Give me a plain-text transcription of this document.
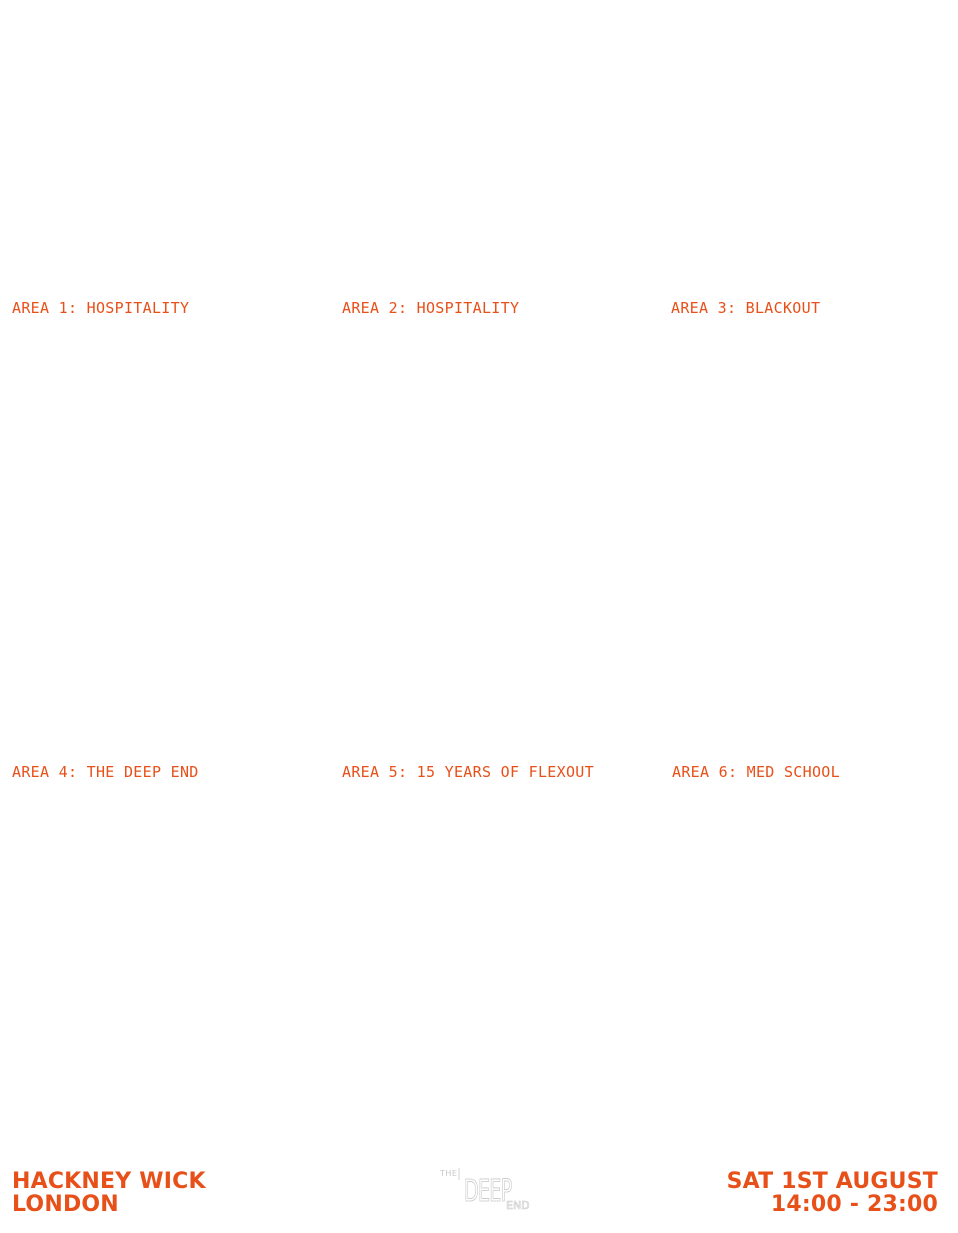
AREA 1: HOSPITALITY	AREA 2: HOSPITALITY	AREA 3: BLACKOUT
AREA 4: THE DEEP END	AREA 5: 15 YEARS OF FLEXOUT	AREA 6: MED SCHOOL
HACKNEY WICK
LONDON
THE
DEEP
END
SAT 1ST AUGUST
14:00 - 23:00
